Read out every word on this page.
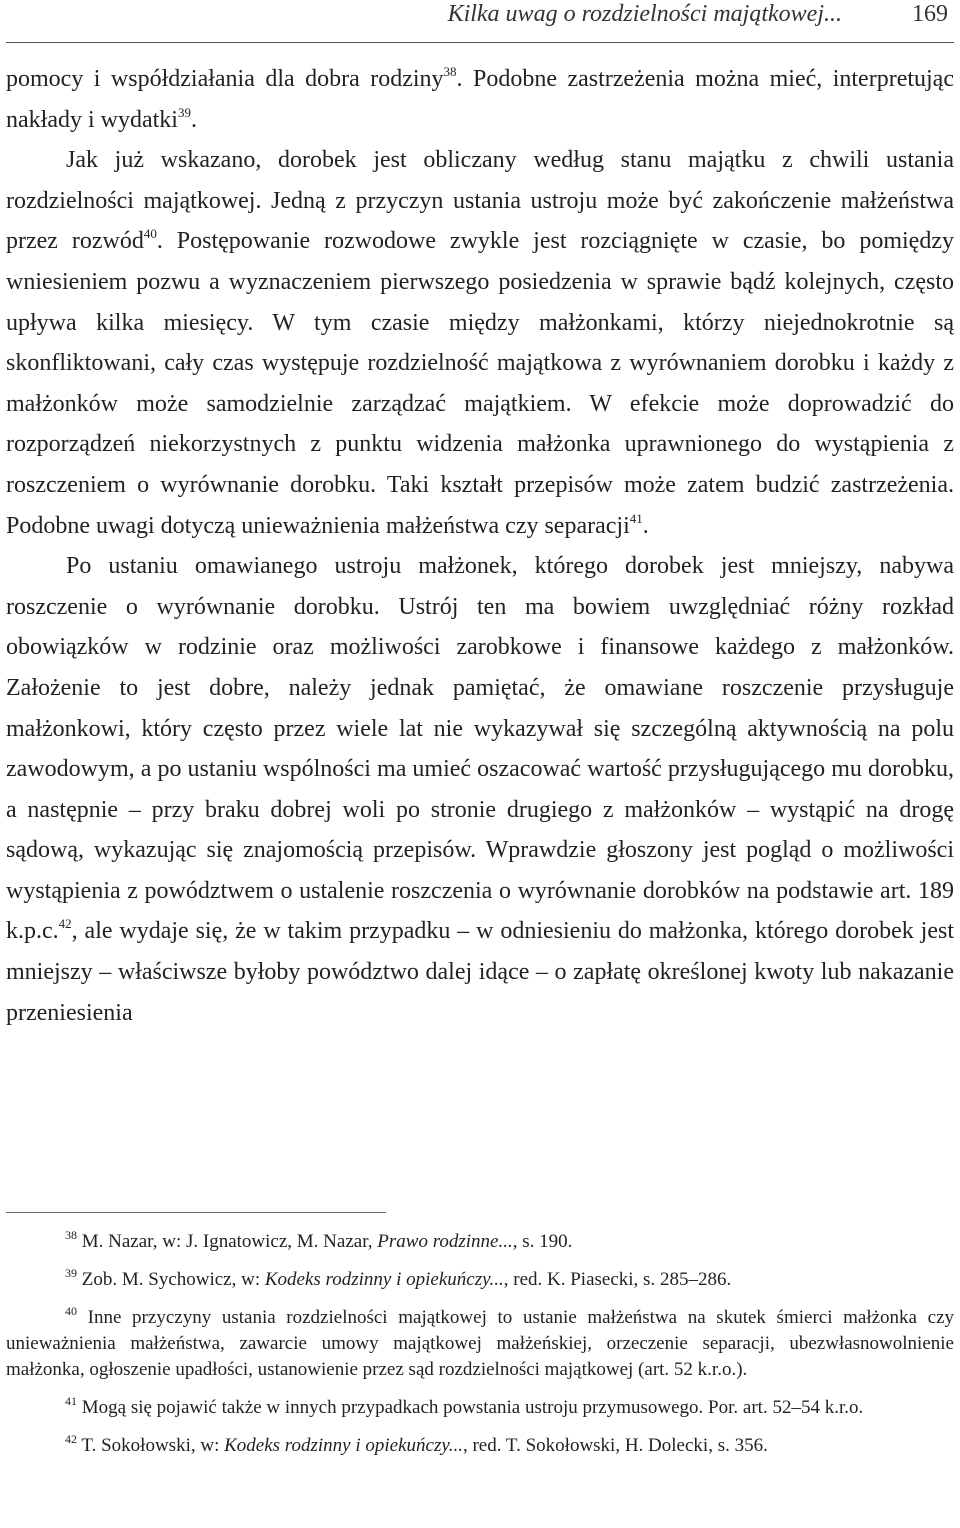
Kilka uwag o rozdzielności majątkowej...	169

pomocy i współdziałania dla dobra rodziny$^{38}$. Podobne zastrzeżenia można mieć, interpretując nakłady i wydatki$^{39}$.

Jak już wskazano, dorobek jest obliczany według stanu majątku z chwili ustania rozdzielności majątkowej. Jedną z przyczyn ustania ustroju może być zakończenie małżeństwa przez rozwód$^{40}$. Postępowanie rozwodowe zwykle jest rozciągnięte w czasie, bo pomiędzy wniesieniem pozwu a wyznaczeniem pierwszego posiedzenia w sprawie bądź kolejnych, często upływa kilka miesięcy. W tym czasie między małżonkami, którzy niejednokrotnie są skonfliktowani, cały czas występuje rozdzielność majątkowa z wyrównaniem dorobku i każdy z małżonków może samodzielnie zarządzać majątkiem. W efekcie może doprowadzić do rozporządzeń niekorzystnych z punktu widzenia małżonka uprawnionego do wystąpienia z roszczeniem o wyrównanie dorobku. Taki kształt przepisów może zatem budzić zastrzeżenia. Podobne uwagi dotyczą unieważnienia małżeństwa czy separacji$^{41}$.

Po ustaniu omawianego ustroju małżonek, którego dorobek jest mniejszy, nabywa roszczenie o wyrównanie dorobku. Ustrój ten ma bowiem uwzględniać różny rozkład obowiązków w rodzinie oraz możliwości zarobkowe i finansowe każdego z małżonków. Założenie to jest dobre, należy jednak pamiętać, że omawiane roszczenie przysługuje małżonkowi, który często przez wiele lat nie wykazywał się szczególną aktywnością na polu zawodowym, a po ustaniu wspólności ma umieć oszacować wartość przysługującego mu dorobku, a następnie – przy braku dobrej woli po stronie drugiego z małżonków – wystąpić na drogę sądową, wykazując się znajomością przepisów. Wprawdzie głoszony jest pogląd o możliwości wystąpienia z powództwem o ustalenie roszczenia o wyrównanie dorobków na podstawie art. 189 k.p.c.$^{42}$, ale wydaje się, że w takim przypadku – w odniesieniu do małżonka, którego dorobek jest mniejszy – właściwsze byłoby powództwo dalej idące – o zapłatę określonej kwoty lub nakazanie przeniesienia

$^{38}$ M. Nazar, w: J. Ignatowicz, M. Nazar, Prawo rodzinne..., s. 190.

$^{39}$ Zob. M. Sychowicz, w: Kodeks rodzinny i opiekuńczy..., red. K. Piasecki, s. 285–286.

$^{40}$ Inne przyczyny ustania rozdzielności majątkowej to ustanie małżeństwa na skutek śmierci małżonka czy unieważnienia małżeństwa, zawarcie umowy majątkowej małżeńskiej, orzeczenie separacji, ubezwłasnowolnienie małżonka, ogłoszenie upadłości, ustanowienie przez sąd rozdzielności majątkowej (art. 52 k.r.o.).

$^{41}$ Mogą się pojawić także w innych przypadkach powstania ustroju przymusowego. Por. art. 52–54 k.r.o.

$^{42}$ T. Sokołowski, w: Kodeks rodzinny i opiekuńczy..., red. T. Sokołowski, H. Dolecki, s. 356.
